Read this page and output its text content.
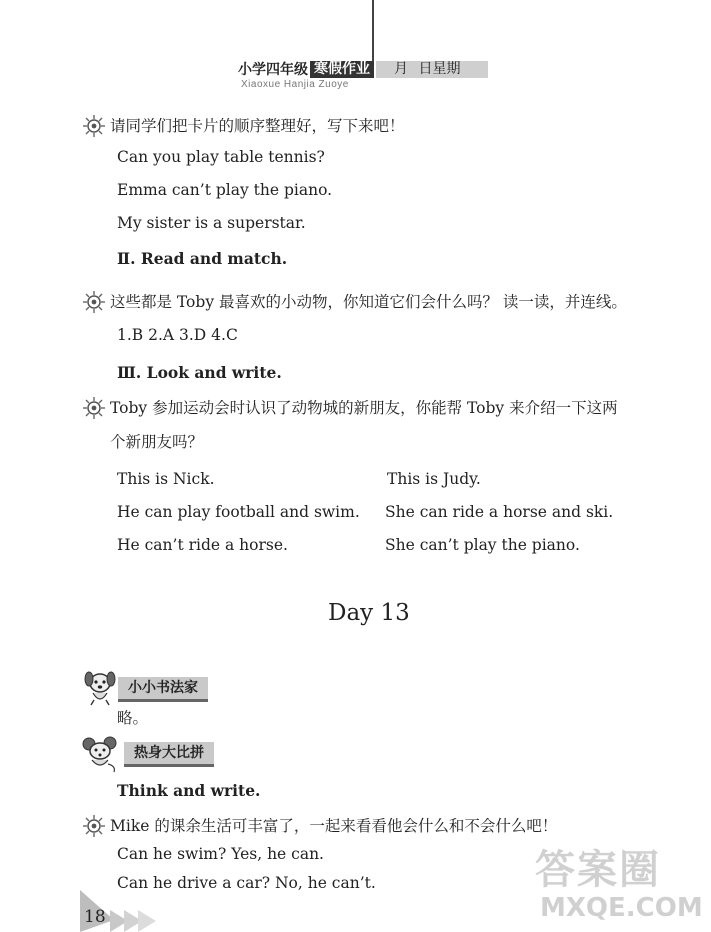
小学四年级 寒假作业	月 日星期
Xiaoxue Hanjia Zuoye
请同学们把卡片的顺序整理好，写下来吧！
Can you play table tennis?
Emma can’t play the piano.
My sister is a superstar.
Ⅱ. Read and match.
这些都是 Toby 最喜欢的小动物，你知道它们会什么吗？ 读一读，并连线。
1.B 2.A 3.D 4.C
Ⅲ. Look and write.
Toby 参加运动会时认识了动物城的新朋友，你能帮 Toby 来介绍一下这两
个新朋友吗？
This is Nick.
He can play football and swim.
He can’t ride a horse.
This is Judy.
She can ride a horse and ski.
She can’t play the piano.
Day 13
小小书法家
略。
热身大比拼
Think and write.
Mike 的课余生活可丰富了，一起来看看他会什么和不会什么吧！
Can he swim? Yes, he can.
Can he drive a car? No, he can’t.
18
答案圈
MXQE.COM
